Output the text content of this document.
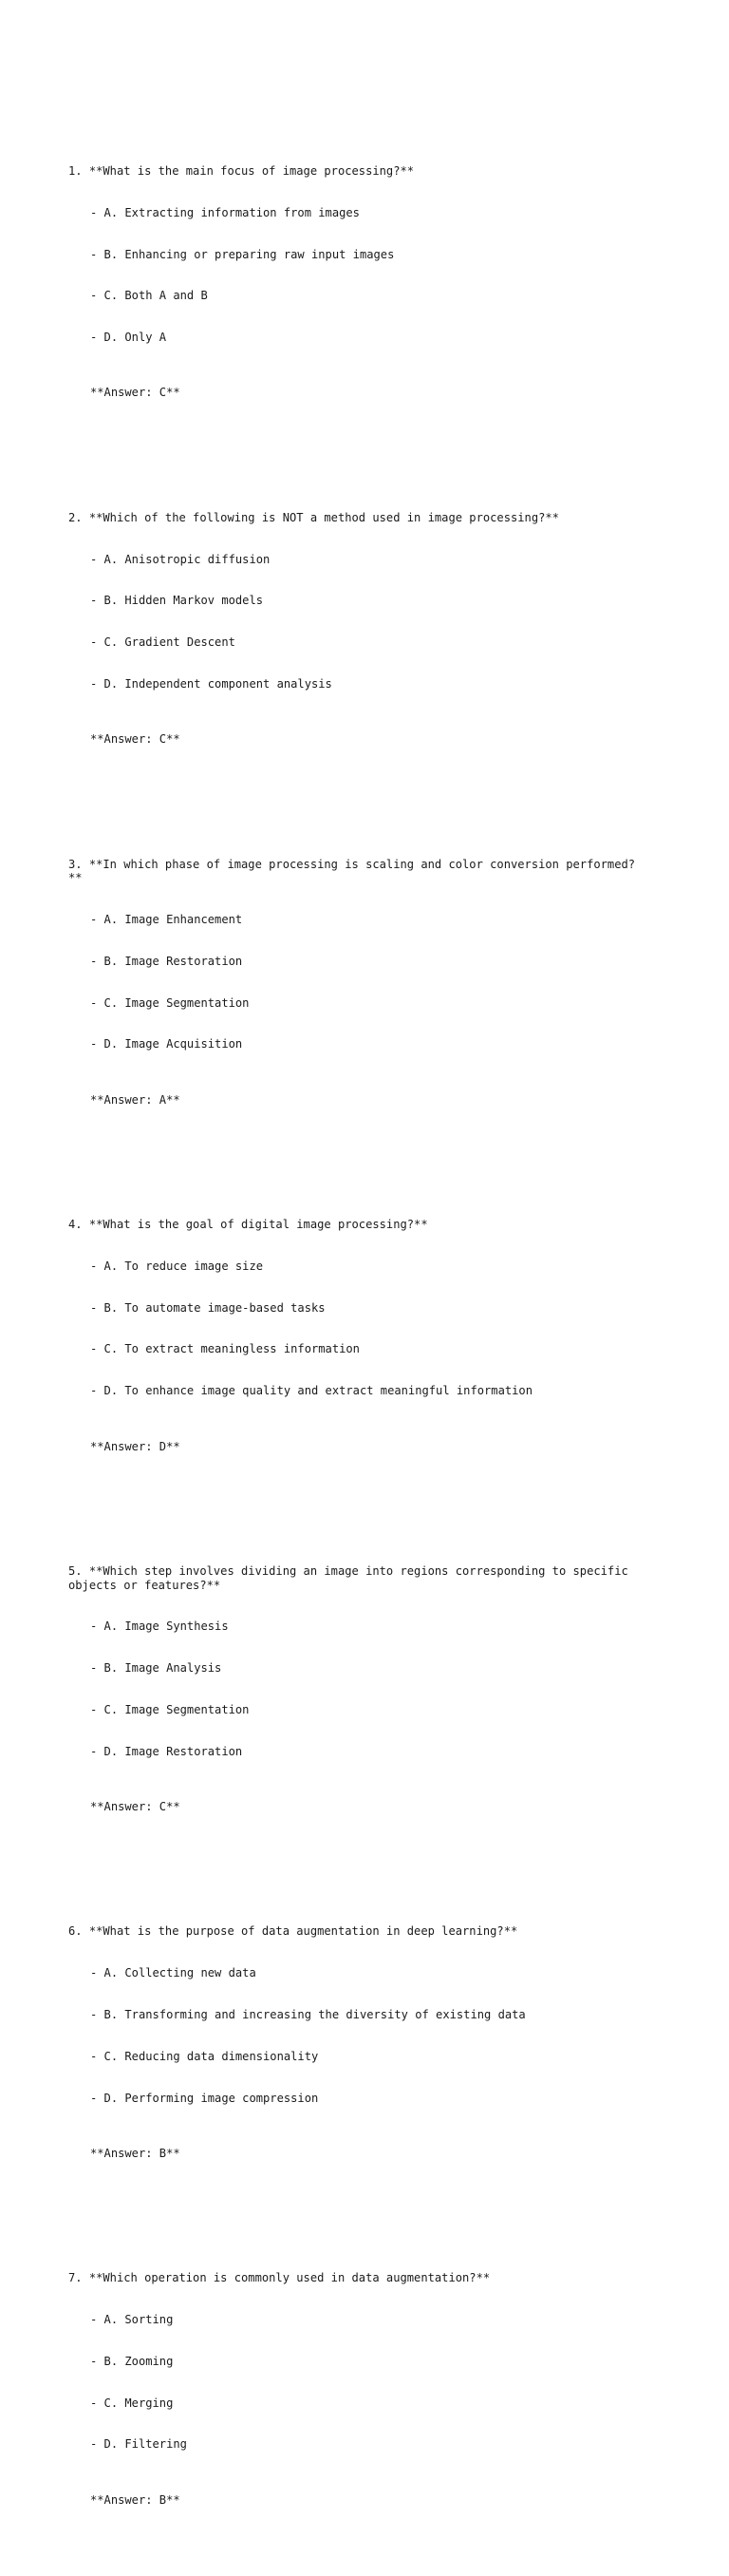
1. **What is the main focus of image processing?**

- A. Extracting information from images

- B. Enhancing or preparing raw input images

- C. Both A and B

- D. Only A

**Answer: C**

2. **Which of the following is NOT a method used in image processing?**

- A. Anisotropic diffusion

- B. Hidden Markov models

- C. Gradient Descent

- D. Independent component analysis

**Answer: C**

3. **In which phase of image processing is scaling and color conversion performed?
**

- A. Image Enhancement

- B. Image Restoration

- C. Image Segmentation

- D. Image Acquisition

**Answer: A**

4. **What is the goal of digital image processing?**

- A. To reduce image size

- B. To automate image-based tasks

- C. To extract meaningless information

- D. To enhance image quality and extract meaningful information

**Answer: D**

5. **Which step involves dividing an image into regions corresponding to specific
objects or features?**

- A. Image Synthesis

- B. Image Analysis

- C. Image Segmentation

- D. Image Restoration

**Answer: C**

6. **What is the purpose of data augmentation in deep learning?**

- A. Collecting new data

- B. Transforming and increasing the diversity of existing data

- C. Reducing data dimensionality

- D. Performing image compression

**Answer: B**

7. **Which operation is commonly used in data augmentation?**

- A. Sorting

- B. Zooming

- C. Merging

- D. Filtering

**Answer: B**
